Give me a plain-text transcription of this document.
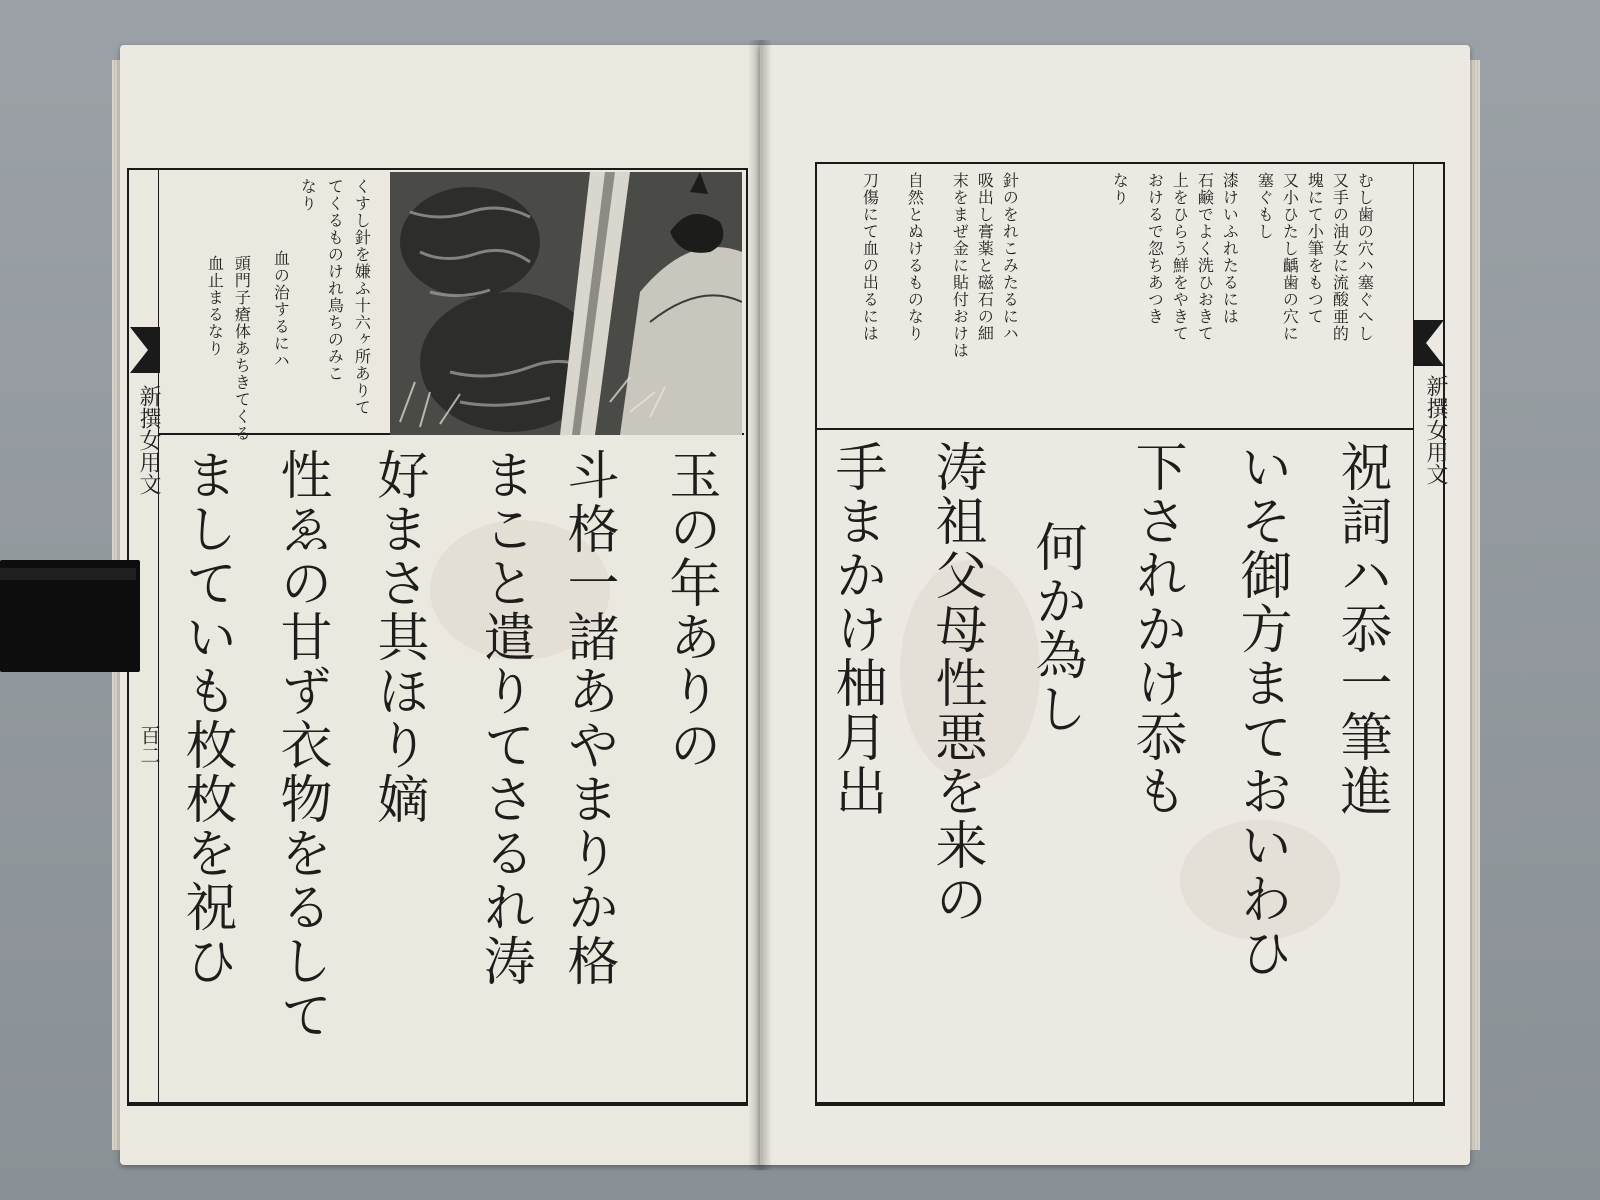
新撰女用文
百二
新撰女用文
くすし針を嫌ふ十六ヶ所ありて
てくるものけれ鳥ちのみこ
なり
血の治するにハ
頭門子瘡体あちきてくる
血止まるなり
玉の年ありの
斗格一諸あやまりか格
まこと遣りてさるれ涛
好まさ其ほり嫡
性ゑの甘ず衣物をるして
ましていも枚枚を祝ひ
むし歯の穴ハ塞ぐへし
又手の油女に流酸亜的
塊にて小筆をもつて
又小ひたし齲歯の穴に
塞ぐもし
漆けいふれたるには
石鹸でよく洗ひおきて
上をひらう鮮をやきて
おけるで忽ちあつき
なり
針のをれこみたるにハ
吸出し膏薬と磁石の細
末をまぜ金に貼付おけは
自然とぬけるものなり
刀傷にて血の出るには
祝詞ハ忝一筆進
いそ御方まておいわひ
下されかけ忝も
何か為し
涛祖父母性悪を来の
手まかけ柚月出
